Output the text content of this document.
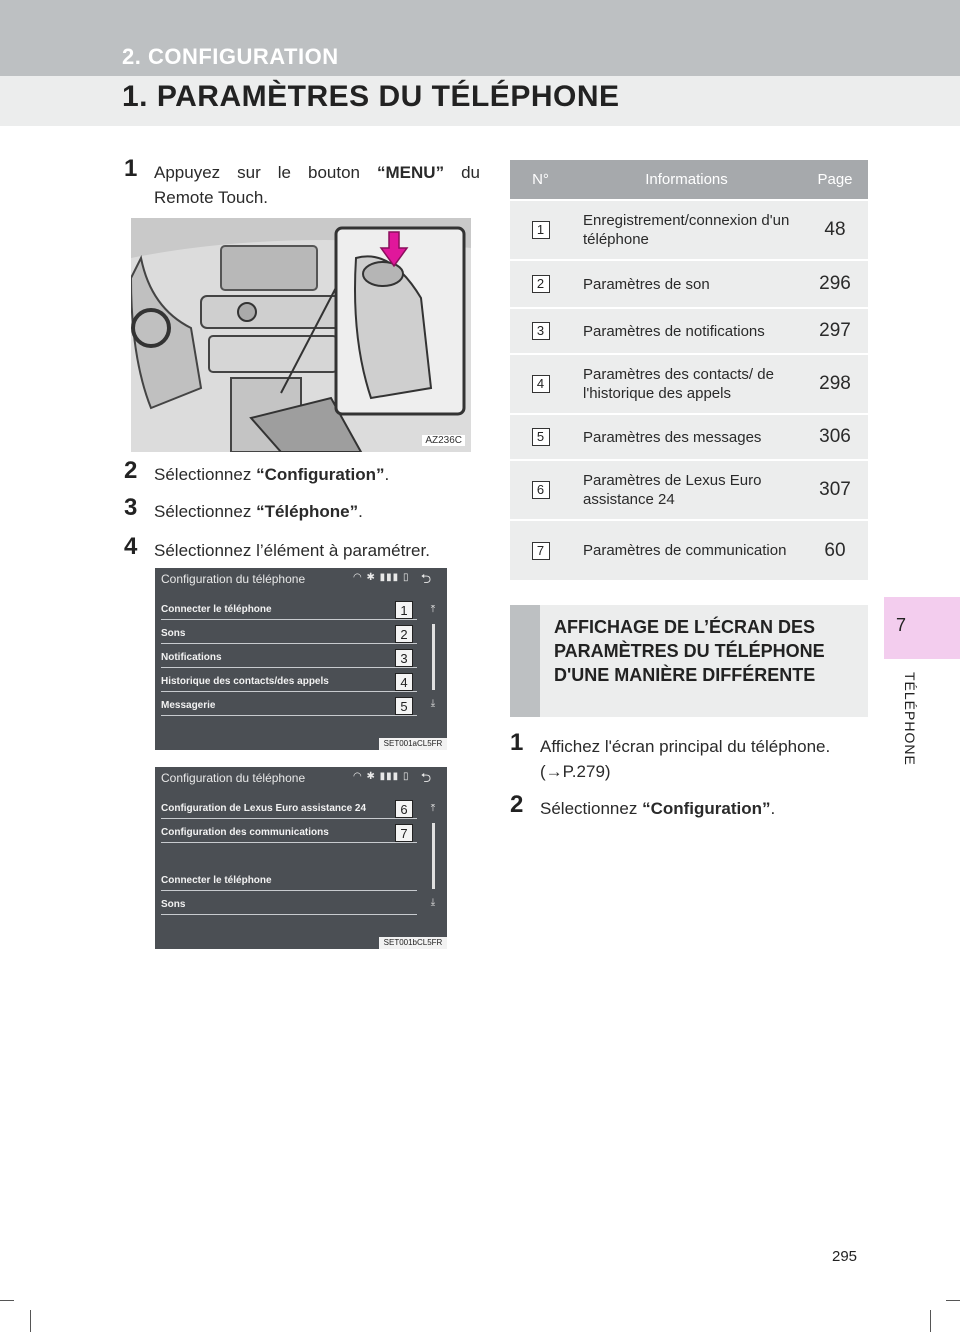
2. CONFIGURATION
1. PARAMÈTRES DU TÉLÉPHONE
7
TÉLÉPHONE
1 Appuyez sur le bouton “MENU” du Remote Touch.
AZ236C
2 Sélectionnez “Configuration”.
3 Sélectionnez “Téléphone”.
4 Sélectionnez l’élément à paramétrer.
Configuration du téléphone	◠ ✱ ▮▮▮ ▯ ⮌
Connecter le téléphone	1
Sons	2
Notifications	3
Historique des contacts/des appels	4
Messagerie	5
⤒
⤓
SET001aCL5FR
Configuration du téléphone	◠ ✱ ▮▮▮ ▯ ⮌
Configuration de Lexus Euro assistance 24	6
Configuration des communications	7
Connecter le téléphone
Sons
⤒
⤓
SET001bCL5FR
N°	Informations	Page
1	Enregistrement/connexion d'un téléphone	48
2	Paramètres de son	296
3	Paramètres de notifications	297
4	Paramètres des contacts/ de l'historique des appels	298
5	Paramètres des messages	306
6	Paramètres de Lexus Euro assistance 24	307
7	Paramètres de communication	60
AFFICHAGE DE L’ÉCRAN DES PARAMÈTRES DU TÉLÉPHONE D'UNE MANIÈRE DIFFÉRENTE
1 Affichez l'écran principal du téléphone. (→P.279)
2 Sélectionnez “Configuration”.
295
